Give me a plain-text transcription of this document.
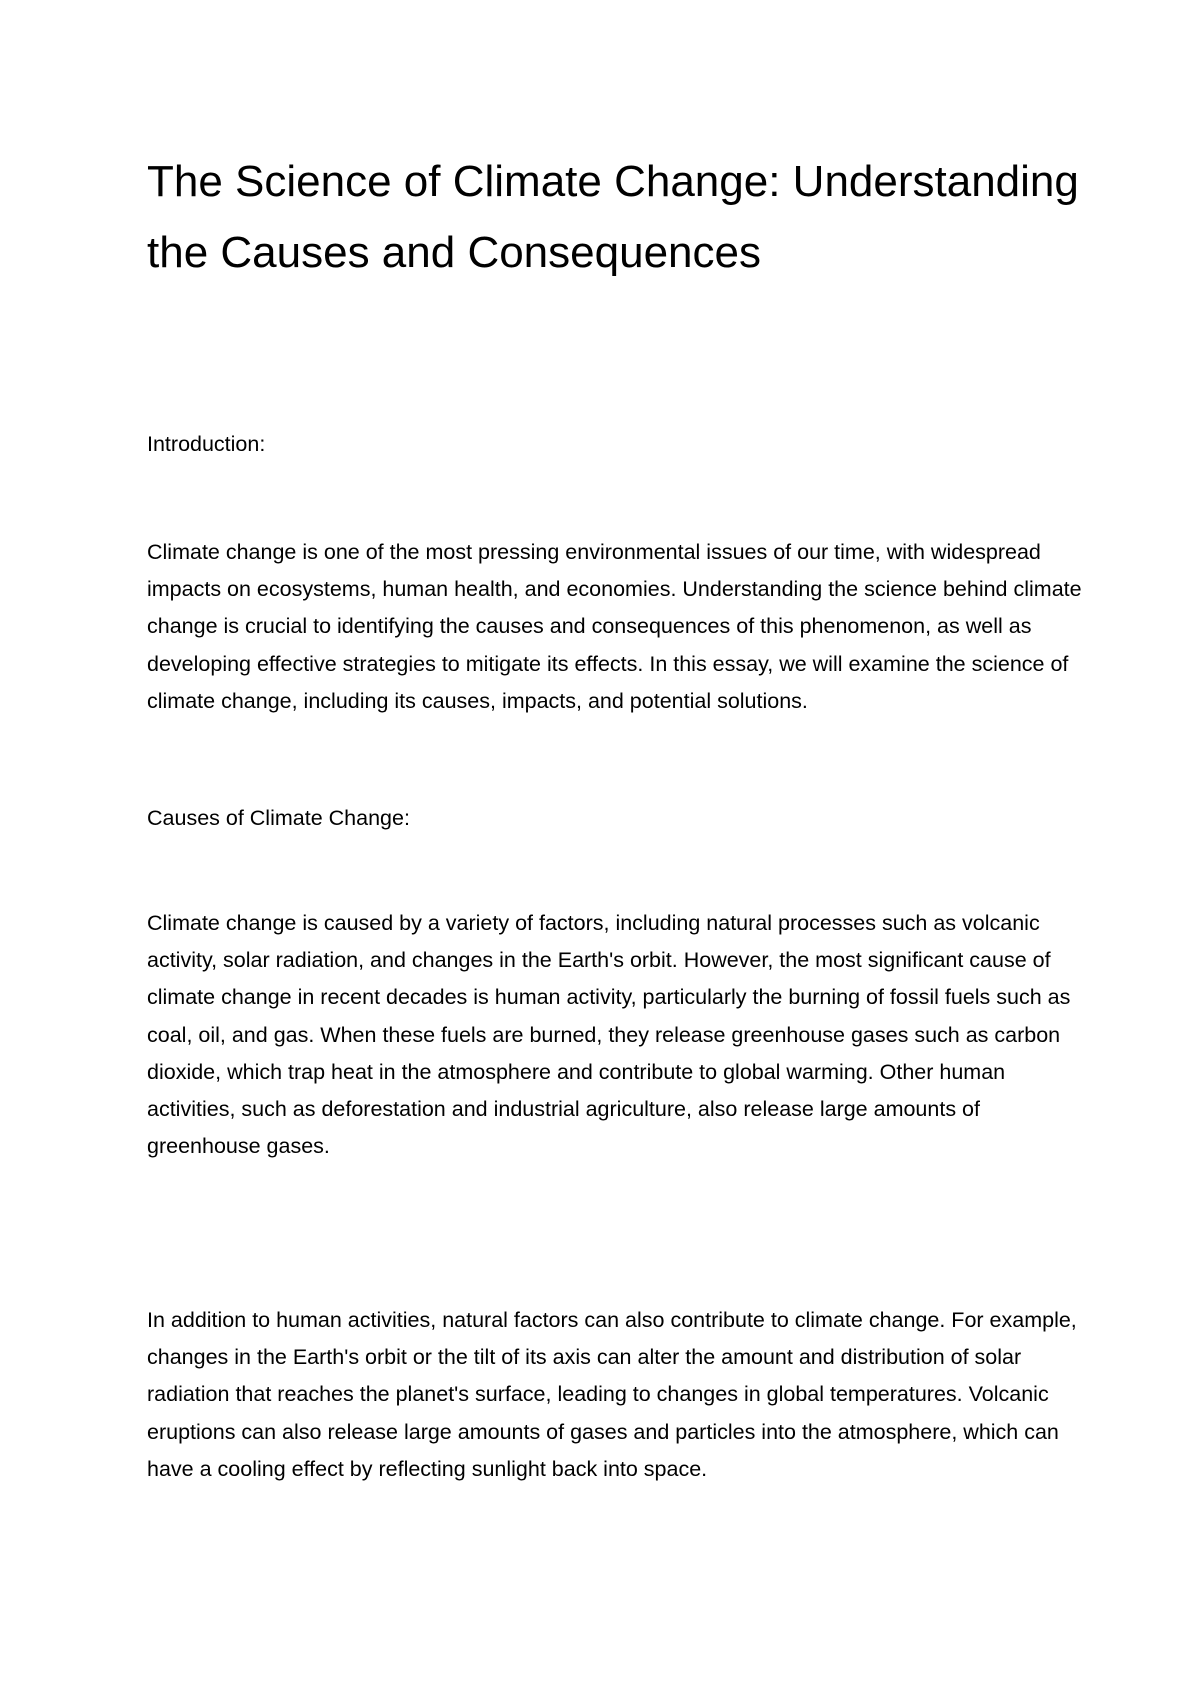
The Science of Climate Change: Understanding the Causes and Consequences

Introduction:

Climate change is one of the most pressing environmental issues of our time, with widespread impacts on ecosystems, human health, and economies. Understanding the science behind climate change is crucial to identifying the causes and consequences of this phenomenon, as well as developing effective strategies to mitigate its effects. In this essay, we will examine the science of climate change, including its causes, impacts, and potential solutions.

Causes of Climate Change:

Climate change is caused by a variety of factors, including natural processes such as volcanic activity, solar radiation, and changes in the Earth's orbit. However, the most significant cause of climate change in recent decades is human activity, particularly the burning of fossil fuels such as coal, oil, and gas. When these fuels are burned, they release greenhouse gases such as carbon dioxide, which trap heat in the atmosphere and contribute to global warming. Other human activities, such as deforestation and industrial agriculture, also release large amounts of greenhouse gases.

In addition to human activities, natural factors can also contribute to climate change. For example, changes in the Earth's orbit or the tilt of its axis can alter the amount and distribution of solar radiation that reaches the planet's surface, leading to changes in global temperatures. Volcanic eruptions can also release large amounts of gases and particles into the atmosphere, which can have a cooling effect by reflecting sunlight back into space.
